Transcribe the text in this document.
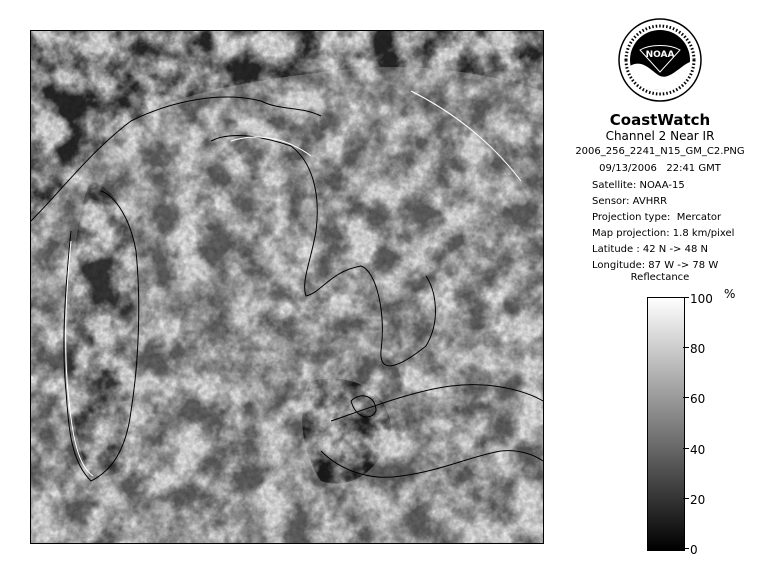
NOAA
CoastWatch
Channel 2 Near IR
2006_256_2241_N15_GM_C2.PNG
09/13/2006   22:41 GMT
Satellite: NOAA-15
Sensor: AVHRR
Projection type:  Mercator
Map projection: 1.8 km/pixel
Latitude : 42 N -> 48 N
Longitude: 87 W -> 78 W
Reflectance
%
100
80
60
40
20
0
